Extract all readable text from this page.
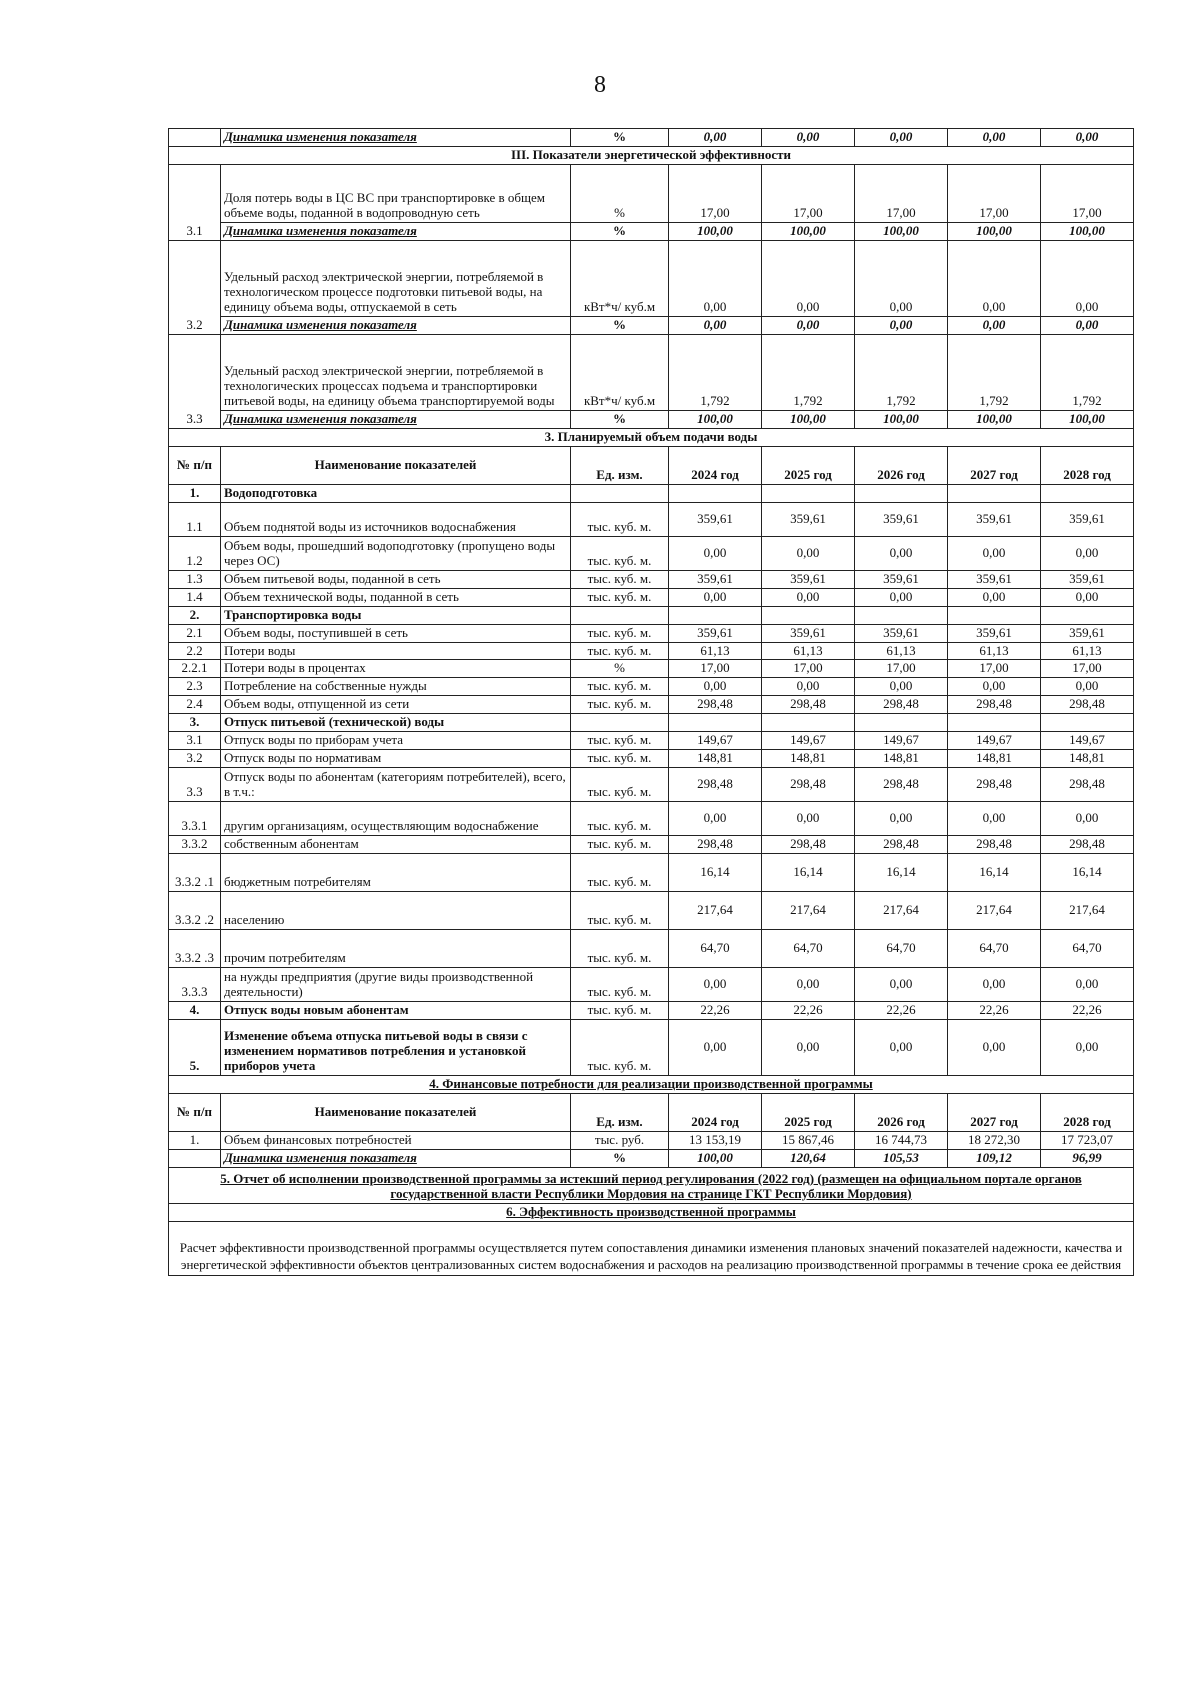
8
	Динамика изменения показателя	%	0,00	0,00	0,00	0,00	0,00
III. Показатели энергетической эффективности							
3.1	Доля потерь воды в ЦС ВС при транспортировке в общем объеме воды, поданной в водопроводную сеть	%	17,00	17,00	17,00	17,00	17,00
	Динамика изменения показателя	%	100,00	100,00	100,00	100,00	100,00
3.2	Удельный расход электрической энергии, потребляемой в технологическом процессе подготовки питьевой воды, на единицу объема воды, отпускаемой в сеть	кВт*ч/ куб.м	0,00	0,00	0,00	0,00	0,00
	Динамика изменения показателя	%	0,00	0,00	0,00	0,00	0,00
3.3	Удельный расход электрической энергии, потребляемой в технологических процессах подъема и транспортировки питьевой воды, на единицу объема транспортируемой воды	кВт*ч/ куб.м	1,792	1,792	1,792	1,792	1,792
	Динамика изменения показателя	%	100,00	100,00	100,00	100,00	100,00
3. Планируемый объем подачи воды							
№ п/п	Наименование показателей	Ед. изм.	2024 год	2025 год	2026 год	2027 год	2028 год
1.	Водоподготовка						
1.1	Объем поднятой воды из источников водоснабжения	тыс. куб. м.	359,61	359,61	359,61	359,61	359,61
1.2	Объем воды, прошедший водоподготовку (пропущено воды через ОС)	тыс. куб. м.	0,00	0,00	0,00	0,00	0,00
1.3	Объем питьевой воды, поданной в сеть	тыс. куб. м.	359,61	359,61	359,61	359,61	359,61
1.4	Объем технической воды, поданной в сеть	тыс. куб. м.	0,00	0,00	0,00	0,00	0,00
2.	Транспортировка воды						
2.1	Объем воды, поступившей в сеть	тыс. куб. м.	359,61	359,61	359,61	359,61	359,61
2.2	Потери воды	тыс. куб. м.	61,13	61,13	61,13	61,13	61,13
2.2.1	Потери воды в процентах	%	17,00	17,00	17,00	17,00	17,00
2.3	Потребление на собственные нужды	тыс. куб. м.	0,00	0,00	0,00	0,00	0,00
2.4	Объем воды, отпущенной из сети	тыс. куб. м.	298,48	298,48	298,48	298,48	298,48
3.	Отпуск питьевой (технической) воды						
3.1	Отпуск воды по приборам учета	тыс. куб. м.	149,67	149,67	149,67	149,67	149,67
3.2	Отпуск воды по нормативам	тыс. куб. м.	148,81	148,81	148,81	148,81	148,81
3.3	Отпуск воды по абонентам (категориям потребителей), всего, в т.ч.:	тыс. куб. м.	298,48	298,48	298,48	298,48	298,48
3.3.1	другим организациям, осуществляющим водоснабжение	тыс. куб. м.	0,00	0,00	0,00	0,00	0,00
3.3.2	собственным абонентам	тыс. куб. м.	298,48	298,48	298,48	298,48	298,48
3.3.2 .1	бюджетным потребителям	тыс. куб. м.	16,14	16,14	16,14	16,14	16,14
3.3.2 .2	населению	тыс. куб. м.	217,64	217,64	217,64	217,64	217,64
3.3.2 .3	прочим потребителям	тыс. куб. м.	64,70	64,70	64,70	64,70	64,70
3.3.3	на нужды предприятия (другие виды производственной деятельности)	тыс. куб. м.	0,00	0,00	0,00	0,00	0,00
4.	Отпуск воды новым абонентам	тыс. куб. м.	22,26	22,26	22,26	22,26	22,26
5.	Изменение объема отпуска питьевой воды в связи с изменением нормативов потребления и установкой приборов учета	тыс. куб. м.	0,00	0,00	0,00	0,00	0,00
4. Финансовые потребности для реализации производственной программы							
№ п/п	Наименование показателей	Ед. изм.	2024 год	2025 год	2026 год	2027 год	2028 год
1.	Объем финансовых потребностей	тыс. руб.	13 153,19	15 867,46	16 744,73	18 272,30	17 723,07
	Динамика изменения показателя	%	100,00	120,64	105,53	109,12	96,99
5. Отчет об исполнении производственной программы за истекший период регулирования (2022 год) (размещен на официальном портале органов государственной власти Республики Мордовия на странице ГКТ Республики Мордовия)							
6. Эффективность производственной программы							
Расчет эффективности производственной программы осуществляется путем сопоставления динамики изменения плановых значений показателей надежности, качества и энергетической эффективности объектов централизованных систем водоснабжения и расходов на реализацию производственной программы в течение срока ее действия							
